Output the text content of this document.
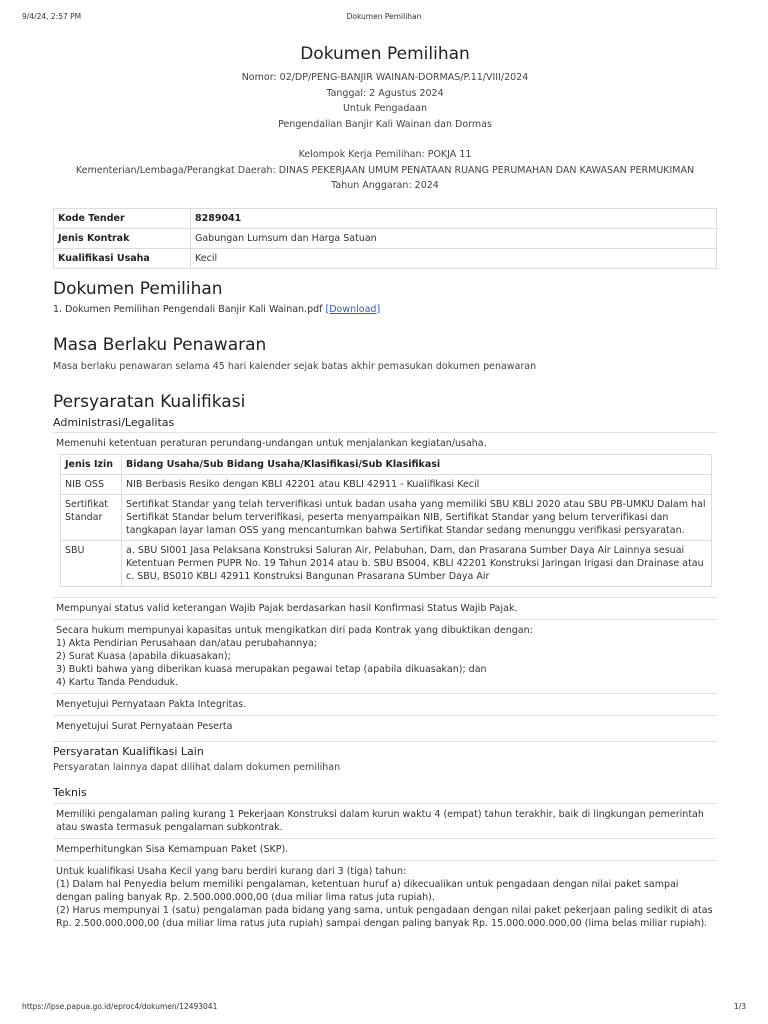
9/4/24, 2:57 PM	Dokumen Pemilihan
Dokumen Pemilihan
Nomor: 02/DP/PENG-BANJIR WAINAN-DORMAS/P.11/VIII/2024
Tanggal: 2 Agustus 2024
Untuk Pengadaan
Pengendalian Banjir Kali Wainan dan Dormas
Kelompok Kerja Pemilihan: POKJA 11
Kementerian/Lembaga/Perangkat Daerah: DINAS PEKERJAAN UMUM PENATAAN RUANG PERUMAHAN DAN KAWASAN PERMUKIMAN
Tahun Anggaran: 2024
Kode Tender	8289041
Jenis Kontrak	Gabungan Lumsum dan Harga Satuan
Kualifikasi Usaha	Kecil
Dokumen Pemilihan
1. Dokumen Pemilihan Pengendali Banjir Kali Wainan.pdf [Download]
Masa Berlaku Penawaran
Masa berlaku penawaran selama 45 hari kalender sejak batas akhir pemasukan dokumen penawaran
Persyaratan Kualifikasi
Administrasi/Legalitas
Memenuhi ketentuan peraturan perundang-undangan untuk menjalankan kegiatan/usaha.
Jenis Izin	Bidang Usaha/Sub Bidang Usaha/Klasifikasi/Sub Klasifikasi
NIB OSS	NIB Berbasis Resiko dengan KBLI 42201 atau KBLI 42911 - Kualifikasi Kecil
Sertifikat Standar	Sertifikat Standar yang telah terverifikasi untuk badan usaha yang memiliki SBU KBLI 2020 atau SBU PB-UMKU Dalam hal Sertifikat Standar belum terverifikasi, peserta menyampaikan NIB, Sertifikat Standar yang belum terverifikasi dan tangkapan layar laman OSS yang mencantumkan bahwa Sertifikat Standar sedang menunggu verifikasi persyaratan.
SBU	a. SBU SI001 Jasa Pelaksana Konstruksi Saluran Air, Pelabuhan, Dam, dan Prasarana Sumber Daya Air Lainnya sesuai Ketentuan Permen PUPR No. 19 Tahun 2014 atau b. SBU BS004, KBLI 42201 Konstruksi Jaringan Irigasi dan Drainase atau c. SBU, BS010 KBLI 42911 Konstruksi Bangunan Prasarana SUmber Daya Air
Mempunyai status valid keterangan Wajib Pajak berdasarkan hasil Konfirmasi Status Wajib Pajak.
Secara hukum mempunyai kapasitas untuk mengikatkan diri pada Kontrak yang dibuktikan dengan:
1) Akta Pendirian Perusahaan dan/atau perubahannya;
2) Surat Kuasa (apabila dikuasakan);
3) Bukti bahwa yang diberikan kuasa merupakan pegawai tetap (apabila dikuasakan); dan
4) Kartu Tanda Penduduk.
Menyetujui Pernyataan Pakta Integritas.
Menyetujui Surat Pernyataan Peserta
Persyaratan Kualifikasi Lain
Persyaratan lainnya dapat dilihat dalam dokumen pemilihan
Teknis
Memiliki pengalaman paling kurang 1 Pekerjaan Konstruksi dalam kurun waktu 4 (empat) tahun terakhir, baik di lingkungan pemerintah atau swasta termasuk pengalaman subkontrak.
Memperhitungkan Sisa Kemampuan Paket (SKP).
Untuk kualifikasi Usaha Kecil yang baru berdiri kurang dari 3 (tiga) tahun:
(1) Dalam hal Penyedia belum memiliki pengalaman, ketentuan huruf a) dikecualikan untuk pengadaan dengan nilai paket sampai dengan paling banyak Rp. 2.500.000.000,00 (dua miliar lima ratus juta rupiah).
(2) Harus mempunyai 1 (satu) pengalaman pada bidang yang sama, untuk pengadaan dengan nilai paket pekerjaan paling sedikit di atas Rp. 2.500.000.000,00 (dua miliar lima ratus juta rupiah) sampai dengan paling banyak Rp. 15.000.000.000,00 (lima belas miliar rupiah).
https://lpse.papua.go.id/eproc4/dokumen/12493041	1/3
